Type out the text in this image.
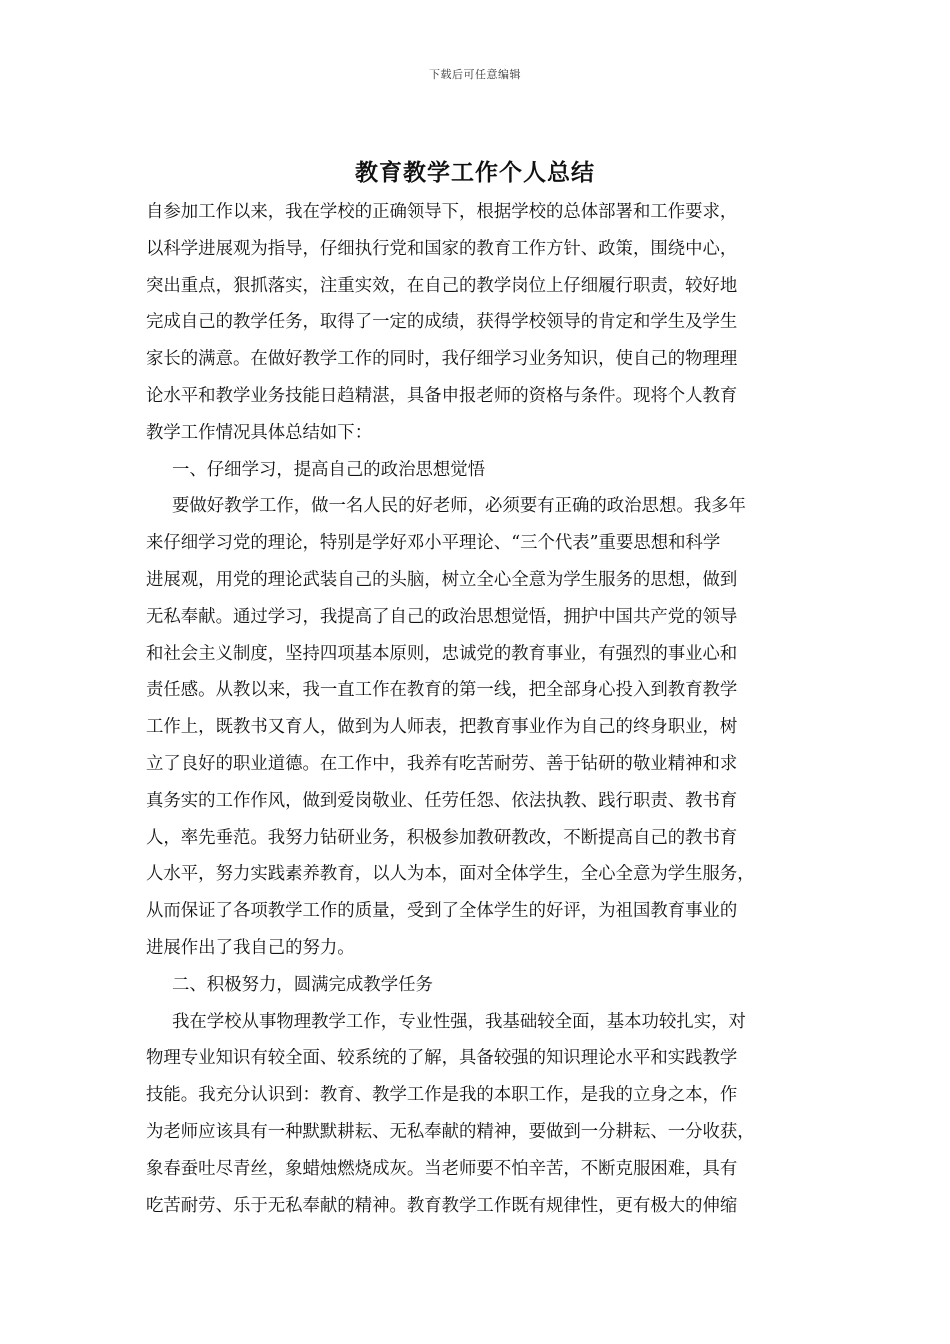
下载后可任意编辑
教育教学工作个人总结
自参加工作以来，我在学校的正确领导下，根据学校的总体部署和工作要求，
以科学进展观为指导，仔细执行党和国家的教育工作方针、政策，围绕中心，
突出重点，狠抓落实，注重实效，在自己的教学岗位上仔细履行职责，较好地
完成自己的教学任务，取得了一定的成绩，获得学校领导的肯定和学生及学生
家长的满意。在做好教学工作的同时，我仔细学习业务知识，使自己的物理理
论水平和教学业务技能日趋精湛，具备申报老师的资格与条件。现将个人教育
教学工作情况具体总结如下：
一、仔细学习，提高自己的政治思想觉悟
要做好教学工作，做一名人民的好老师，必须要有正确的政治思想。我多年
来仔细学习党的理论，特别是学好邓小平理论、“三个代表”重要思想和科学
进展观，用党的理论武装自己的头脑，树立全心全意为学生服务的思想，做到
无私奉献。通过学习，我提高了自己的政治思想觉悟，拥护中国共产党的领导
和社会主义制度，坚持四项基本原则，忠诚党的教育事业，有强烈的事业心和
责任感。从教以来，我一直工作在教育的第一线，把全部身心投入到教育教学
工作上，既教书又育人，做到为人师表，把教育事业作为自己的终身职业，树
立了良好的职业道德。在工作中，我养有吃苦耐劳、善于钻研的敬业精神和求
真务实的工作作风，做到爱岗敬业、任劳任怨、依法执教、践行职责、教书育
人，率先垂范。我努力钻研业务，积极参加教研教改，不断提高自己的教书育
人水平，努力实践素养教育，以人为本，面对全体学生，全心全意为学生服务，
从而保证了各项教学工作的质量，受到了全体学生的好评，为祖国教育事业的
进展作出了我自己的努力。
二、积极努力，圆满完成教学任务
我在学校从事物理教学工作，专业性强，我基础较全面，基本功较扎实，对
物理专业知识有较全面、较系统的了解，具备较强的知识理论水平和实践教学
技能。我充分认识到：教育、教学工作是我的本职工作，是我的立身之本，作
为老师应该具有一种默默耕耘、无私奉献的精神，要做到一分耕耘、一分收获，
象春蚕吐尽青丝，象蜡烛燃烧成灰。当老师要不怕辛苦，不断克服困难，具有
吃苦耐劳、乐于无私奉献的精神。教育教学工作既有规律性，更有极大的伸缩
